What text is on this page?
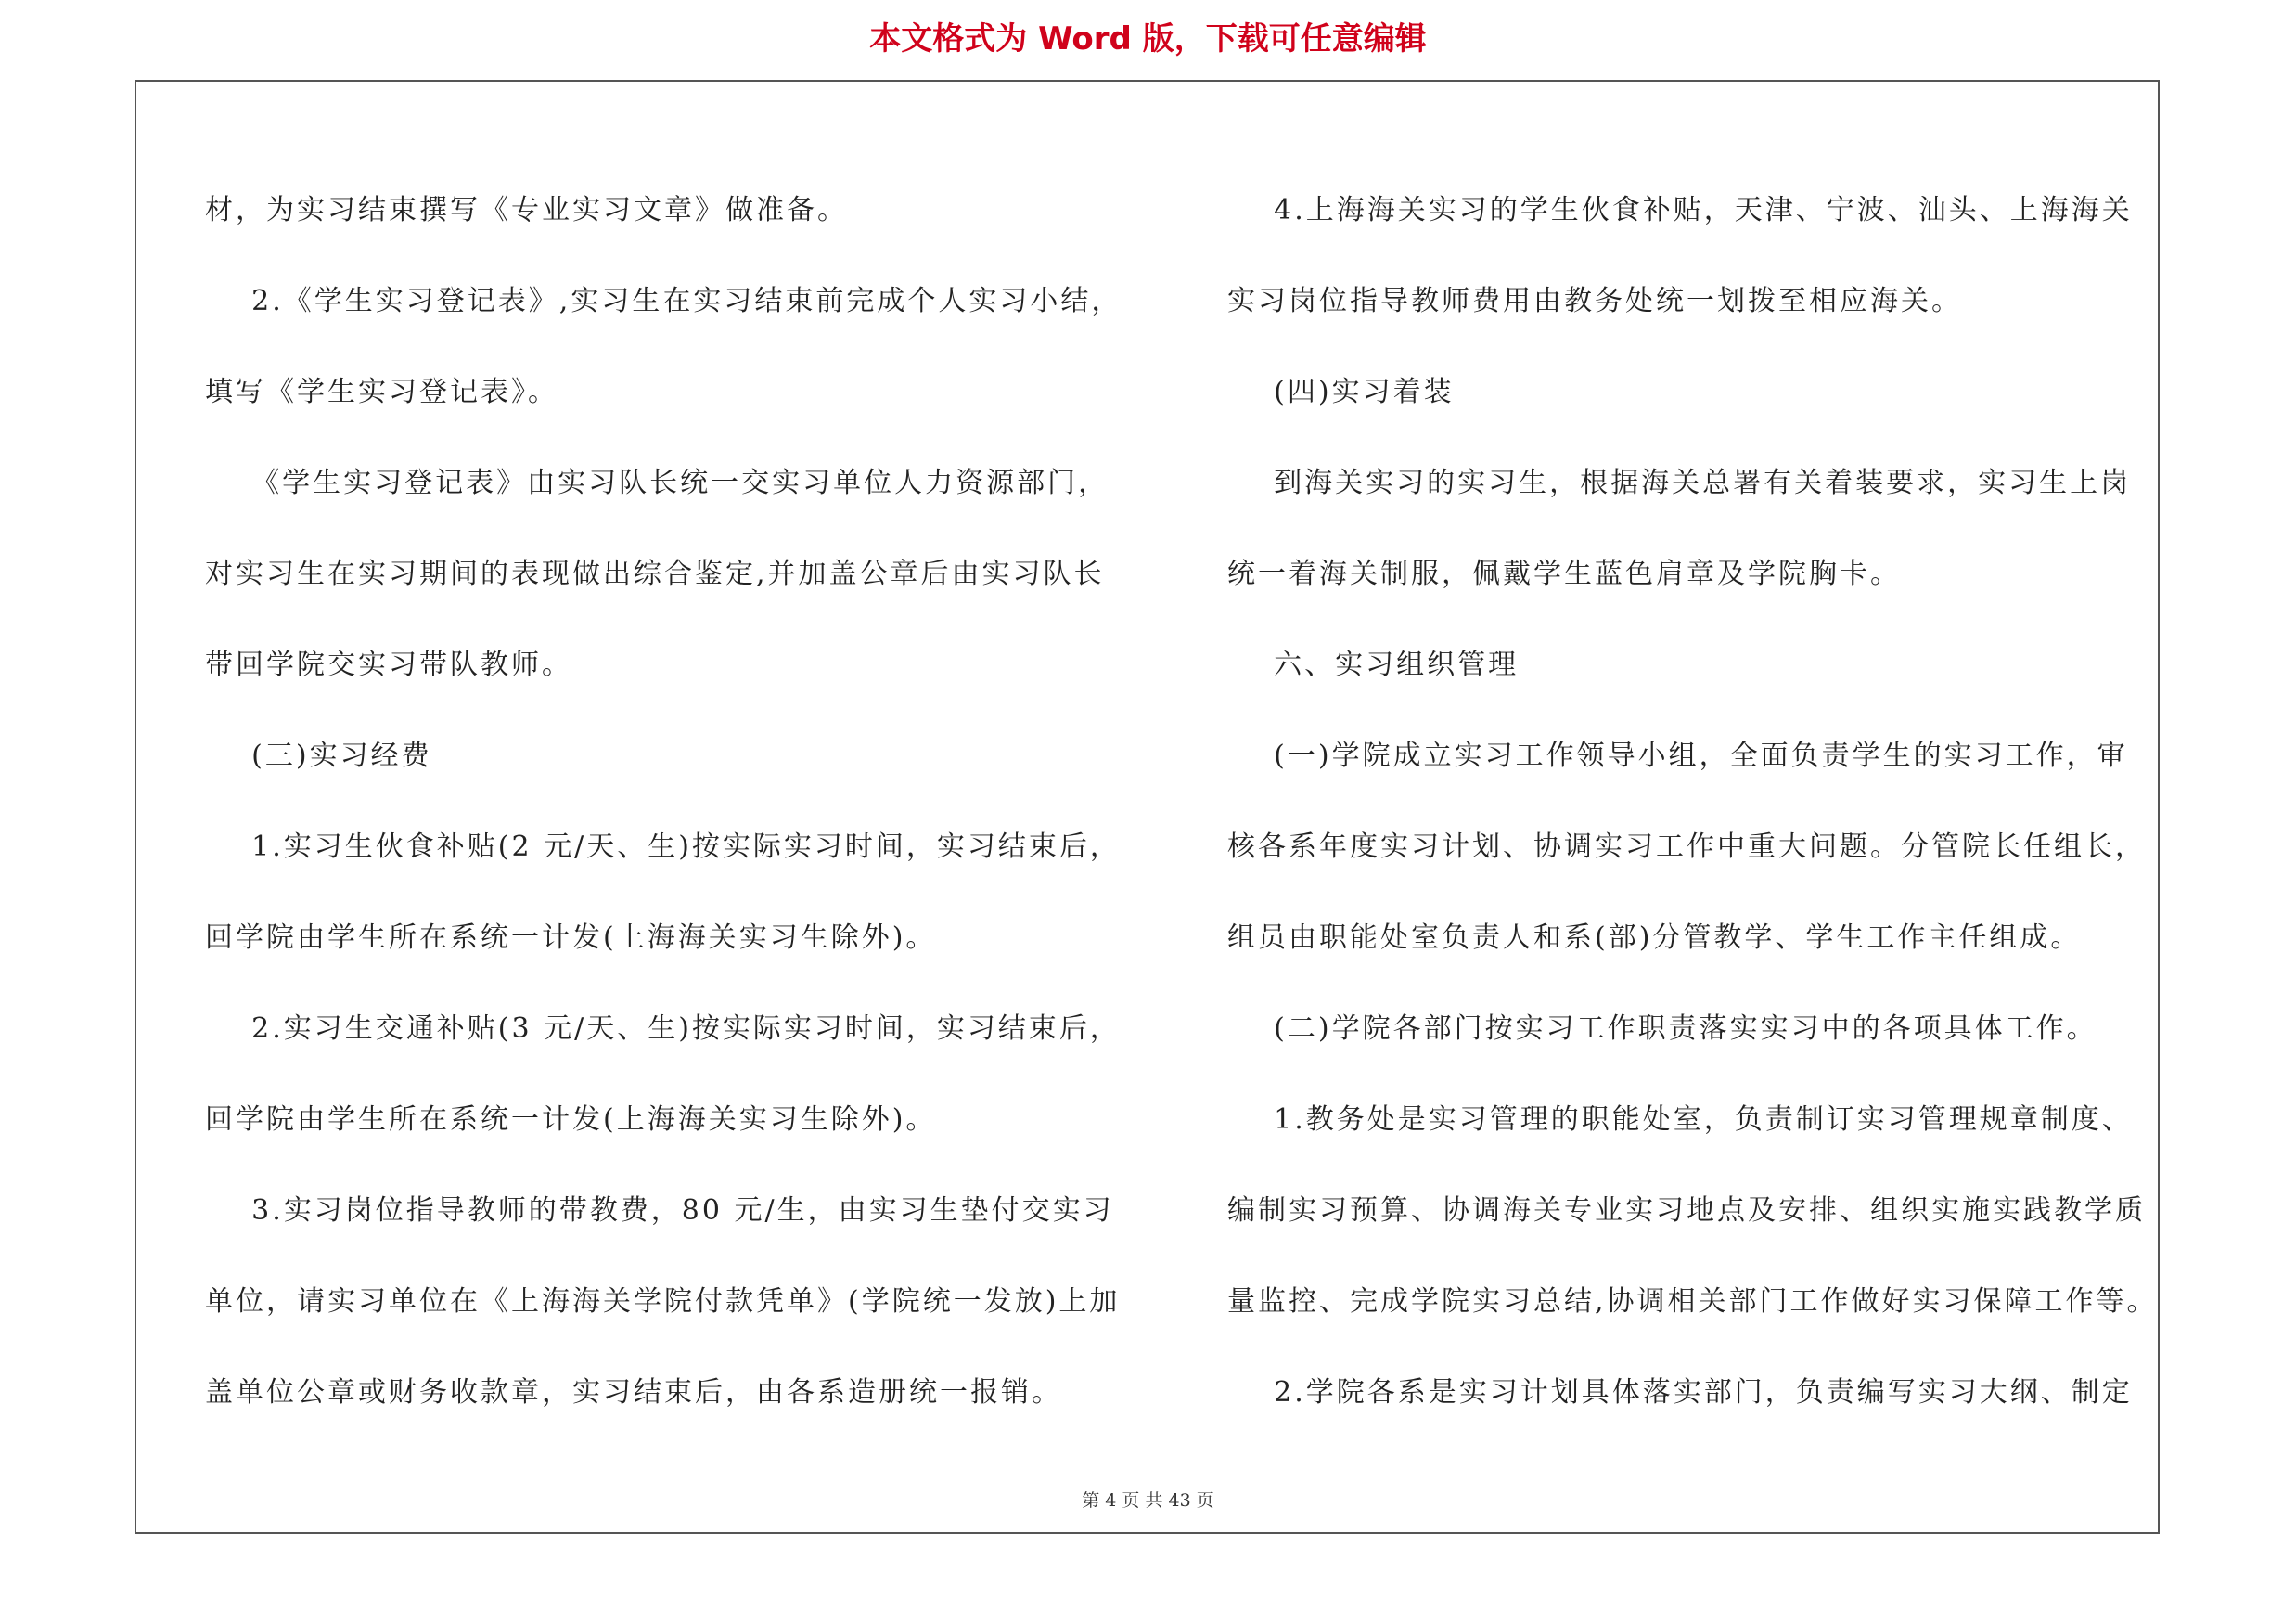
本文格式为 Word 版，下载可任意编辑

材，为实习结束撰写《专业实习文章》做准备。

2.《学生实习登记表》,实习生在实习结束前完成个人实习小结，

填写《学生实习登记表》。

《学生实习登记表》由实习队长统一交实习单位人力资源部门，

对实习生在实习期间的表现做出综合鉴定,并加盖公章后由实习队长

带回学院交实习带队教师。

(三)实习经费

1.实习生伙食补贴(2 元/天、生)按实际实习时间，实习结束后，

回学院由学生所在系统一计发(上海海关实习生除外)。

2.实习生交通补贴(3 元/天、生)按实际实习时间，实习结束后，

回学院由学生所在系统一计发(上海海关实习生除外)。

3.实习岗位指导教师的带教费，80 元/生，由实习生垫付交实习

单位，请实习单位在《上海海关学院付款凭单》(学院统一发放)上加

盖单位公章或财务收款章，实习结束后，由各系造册统一报销。

4.上海海关实习的学生伙食补贴，天津、宁波、汕头、上海海关

实习岗位指导教师费用由教务处统一划拨至相应海关。

(四)实习着装

到海关实习的实习生，根据海关总署有关着装要求，实习生上岗

统一着海关制服，佩戴学生蓝色肩章及学院胸卡。

六、实习组织管理

(一)学院成立实习工作领导小组，全面负责学生的实习工作，审

核各系年度实习计划、协调实习工作中重大问题。分管院长任组长，

组员由职能处室负责人和系(部)分管教学、学生工作主任组成。

(二)学院各部门按实习工作职责落实实习中的各项具体工作。

1.教务处是实习管理的职能处室，负责制订实习管理规章制度、

编制实习预算、协调海关专业实习地点及安排、组织实施实践教学质

量监控、完成学院实习总结,协调相关部门工作做好实习保障工作等。

2.学院各系是实习计划具体落实部门，负责编写实习大纲、制定

第 4 页 共 43 页
